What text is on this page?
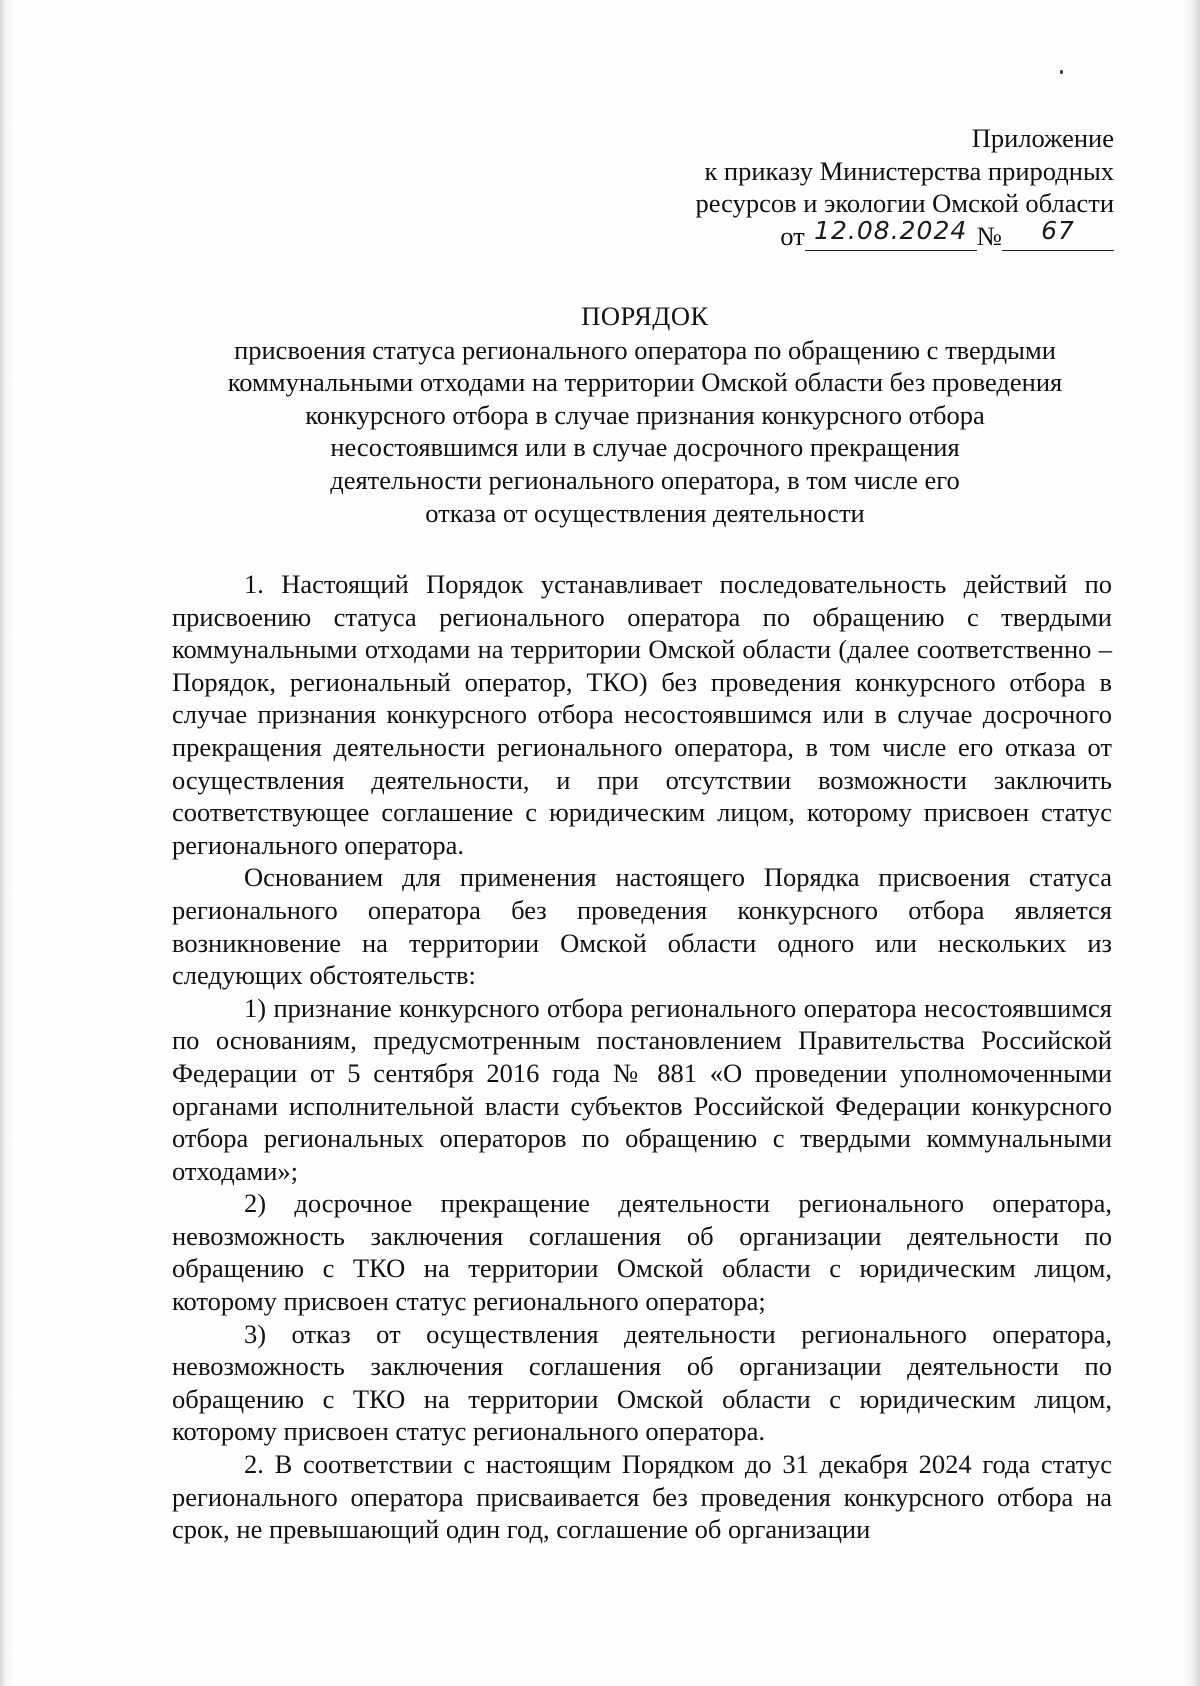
Приложение
к приказу Министерства природных
ресурсов и экологии Омской области
от 12.08.2024 № 67
ПОРЯДОК
присвоения статуса регионального оператора по обращению с твердыми
коммунальными отходами на территории Омской области без проведения
конкурсного отбора в случае признания конкурсного отбора
несостоявшимся или в случае досрочного прекращения
деятельности регионального оператора, в том числе его
отказа от осуществления деятельности

1. Настоящий Порядок устанавливает последовательность действий по присвоению статуса регионального оператора по обращению с твердыми коммунальными отходами на территории Омской области (далее соответственно – Порядок, региональный оператор, ТКО) без проведения конкурсного отбора в случае признания конкурсного отбора несостоявшимся или в случае досрочного прекращения деятельности регионального оператора, в том числе его отказа от осуществления деятельности, и при отсутствии возможности заключить соответствующее соглашение с юридическим лицом, которому присвоен статус регионального оператора.

Основанием для применения настоящего Порядка присвоения статуса регионального оператора без проведения конкурсного отбора является возникновение на территории Омской области одного или нескольких из следующих обстоятельств:

1) признание конкурсного отбора регионального оператора несостоявшимся по основаниям, предусмотренным постановлением Правительства Российской Федерации от 5 сентября 2016 года № 881 «О проведении уполномоченными органами исполнительной власти субъектов Российской Федерации конкурсного отбора региональных операторов по обращению с твердыми коммунальными отходами»;

2) досрочное прекращение деятельности регионального оператора, невозможность заключения соглашения об организации деятельности по обращению с ТКО на территории Омской области с юридическим лицом, которому присвоен статус регионального оператора;

3) отказ от осуществления деятельности регионального оператора, невозможность заключения соглашения об организации деятельности по обращению с ТКО на территории Омской области с юридическим лицом, которому присвоен статус регионального оператора.

2. В соответствии с настоящим Порядком до 31 декабря 2024 года статус регионального оператора присваивается без проведения конкурсного отбора на срок, не превышающий один год, соглашение об организации
